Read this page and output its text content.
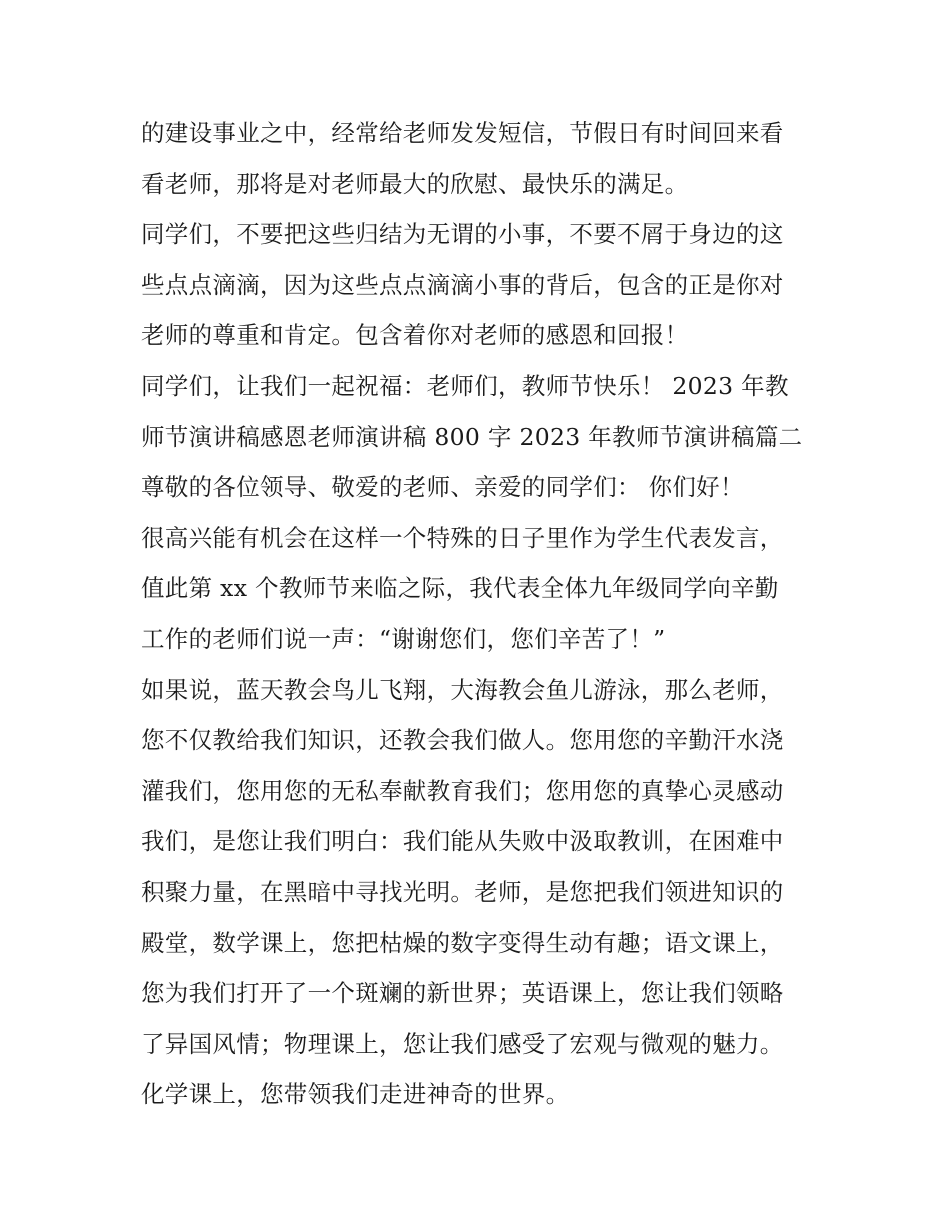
的建设事业之中，经常给老师发发短信，节假日有时间回来看
看老师，那将是对老师最大的欣慰、最快乐的满足。
同学们，不要把这些归结为无谓的小事，不要不屑于身边的这
些点点滴滴，因为这些点点滴滴小事的背后，包含的正是你对
老师的尊重和肯定。包含着你对老师的感恩和回报！
同学们，让我们一起祝福：老师们，教师节快乐！ 2023 年教
师节演讲稿感恩老师演讲稿 800 字 2023 年教师节演讲稿篇二
尊敬的各位领导、敬爱的老师、亲爱的同学们： 你们好！
很高兴能有机会在这样一个特殊的日子里作为学生代表发言，
值此第 xx 个教师节来临之际，我代表全体九年级同学向辛勤
工作的老师们说一声：“谢谢您们，您们辛苦了！”
如果说，蓝天教会鸟儿飞翔，大海教会鱼儿游泳，那么老师，
您不仅教给我们知识，还教会我们做人。您用您的辛勤汗水浇
灌我们，您用您的无私奉献教育我们；您用您的真挚心灵感动
我们，是您让我们明白：我们能从失败中汲取教训，在困难中
积聚力量，在黑暗中寻找光明。老师，是您把我们领进知识的
殿堂，数学课上，您把枯燥的数字变得生动有趣；语文课上，
您为我们打开了一个斑斓的新世界；英语课上，您让我们领略
了异国风情；物理课上，您让我们感受了宏观与微观的魅力。
化学课上，您带领我们走进神奇的世界。
